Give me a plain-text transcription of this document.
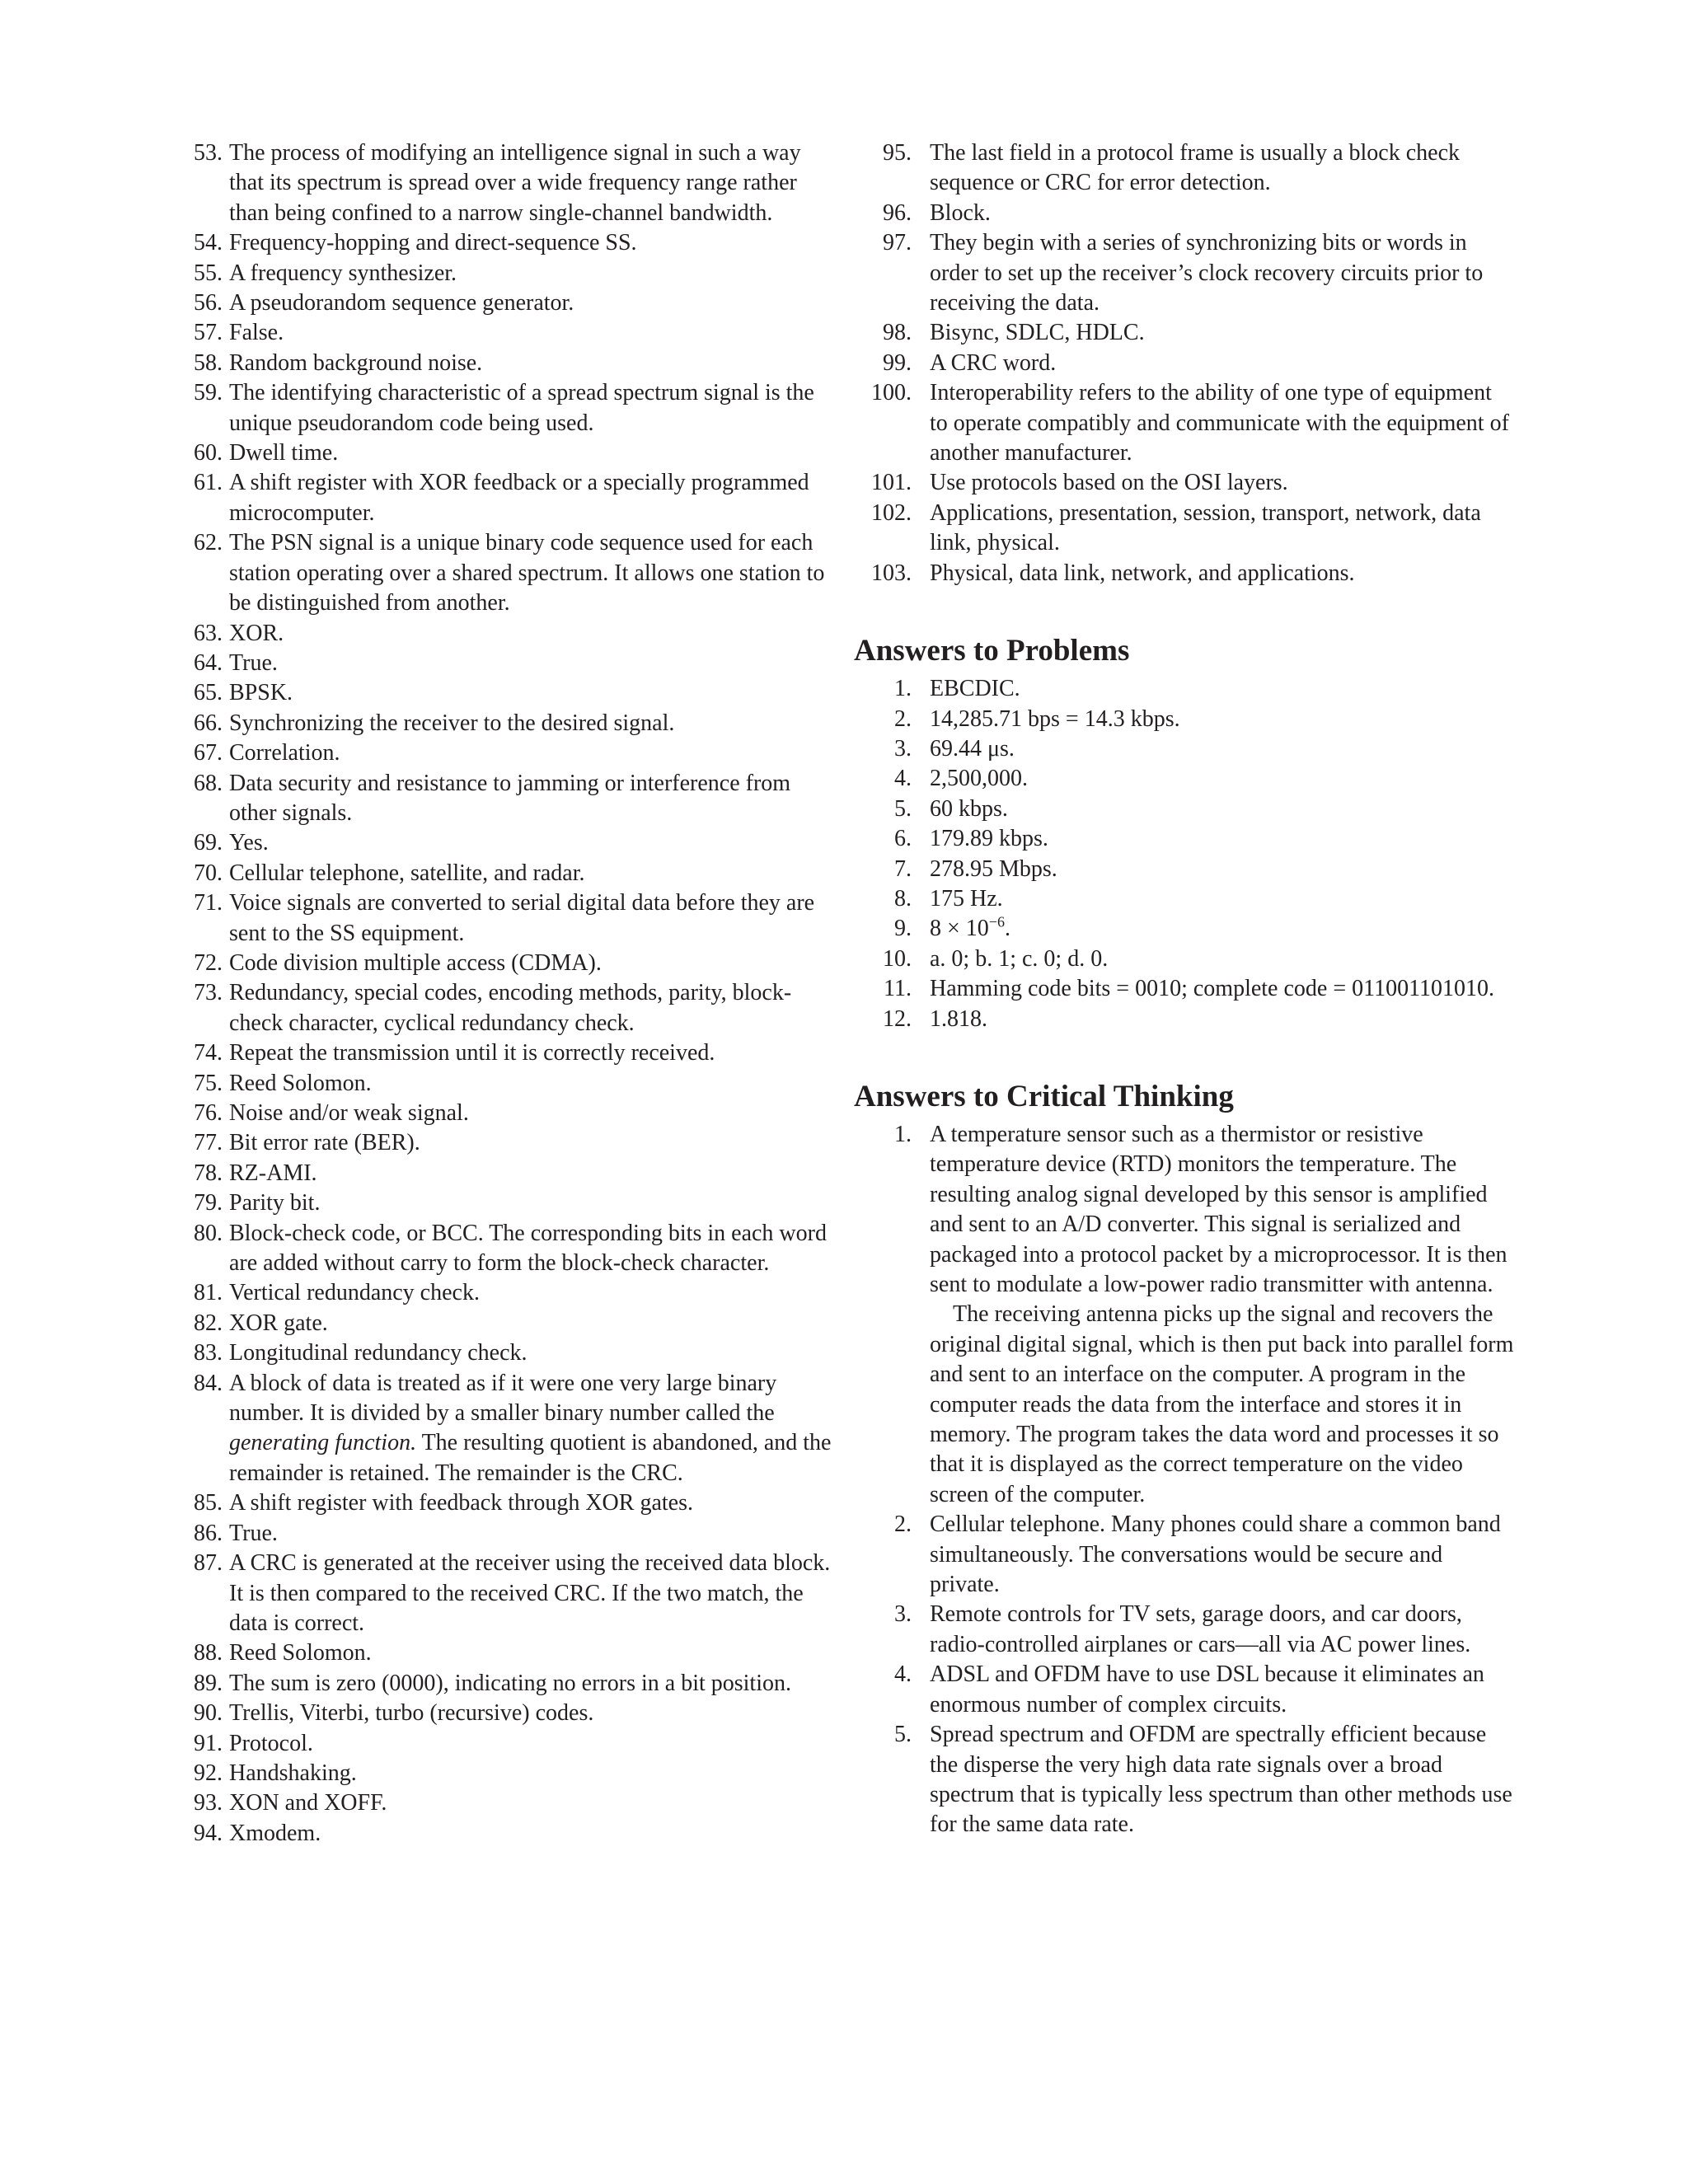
53. The process of modifying an intelligence signal in such a way that its spectrum is spread over a wide frequency range rather than being confined to a narrow single-channel bandwidth.
54. Frequency-hopping and direct-sequence SS.
55. A frequency synthesizer.
56. A pseudorandom sequence generator.
57. False.
58. Random background noise.
59. The identifying characteristic of a spread spectrum signal is the unique pseudorandom code being used.
60. Dwell time.
61. A shift register with XOR feedback or a specially programmed microcomputer.
62. The PSN signal is a unique binary code sequence used for each station operating over a shared spectrum. It allows one station to be distinguished from another.
63. XOR.
64. True.
65. BPSK.
66. Synchronizing the receiver to the desired signal.
67. Correlation.
68. Data security and resistance to jamming or interference from other signals.
69. Yes.
70. Cellular telephone, satellite, and radar.
71. Voice signals are converted to serial digital data before they are sent to the SS equipment.
72. Code division multiple access (CDMA).
73. Redundancy, special codes, encoding methods, parity, block-check character, cyclical redundancy check.
74. Repeat the transmission until it is correctly received.
75. Reed Solomon.
76. Noise and/or weak signal.
77. Bit error rate (BER).
78. RZ-AMI.
79. Parity bit.
80. Block-check code, or BCC. The corresponding bits in each word are added without carry to form the block-check character.
81. Vertical redundancy check.
82. XOR gate.
83. Longitudinal redundancy check.
84. A block of data is treated as if it were one very large binary number. It is divided by a smaller binary number called the generating function. The resulting quotient is abandoned, and the remainder is retained. The remainder is the CRC.
85. A shift register with feedback through XOR gates.
86. True.
87. A CRC is generated at the receiver using the received data block. It is then compared to the received CRC. If the two match, the data is correct.
88. Reed Solomon.
89. The sum is zero (0000), indicating no errors in a bit position.
90. Trellis, Viterbi, turbo (recursive) codes.
91. Protocol.
92. Handshaking.
93. XON and XOFF.
94. Xmodem.
95. The last field in a protocol frame is usually a block check sequence or CRC for error detection.
96. Block.
97. They begin with a series of synchronizing bits or words in order to set up the receiver’s clock recovery circuits prior to receiving the data.
98. Bisync, SDLC, HDLC.
99. A CRC word.
100. Interoperability refers to the ability of one type of equipment to operate compatibly and communicate with the equipment of another manufacturer.
101. Use protocols based on the OSI layers.
102. Applications, presentation, session, transport, network, data link, physical.
103. Physical, data link, network, and applications.
Answers to Problems
1. EBCDIC.
2. 14,285.71 bps = 14.3 kbps.
3. 69.44 μs.
4. 2,500,000.
5. 60 kbps.
6. 179.89 kbps.
7. 278.95 Mbps.
8. 175 Hz.
9. $8 \times 10^{-6}$.
10. a. 0; b. 1; c. 0; d. 0.
11. Hamming code bits = 0010; complete code = 011001101010.
12. 1.818.
Answers to Critical Thinking
1. A temperature sensor such as a thermistor or resistive temperature device (RTD) monitors the temperature. The resulting analog signal developed by this sensor is amplified and sent to an A/D converter. This signal is serialized and packaged into a protocol packet by a microprocessor. It is then sent to modulate a low-power radio transmitter with antenna.
The receiving antenna picks up the signal and recovers the original digital signal, which is then put back into parallel form and sent to an interface on the computer. A program in the computer reads the data from the interface and stores it in memory. The program takes the data word and processes it so that it is displayed as the correct temperature on the video screen of the computer.
2. Cellular telephone. Many phones could share a common band simultaneously. The conversations would be secure and private.
3. Remote controls for TV sets, garage doors, and car doors, radio-controlled airplanes or cars—all via AC power lines.
4. ADSL and OFDM have to use DSL because it eliminates an enormous number of complex circuits.
5. Spread spectrum and OFDM are spectrally efficient because the disperse the very high data rate signals over a broad spectrum that is typically less spectrum than other methods use for the same data rate.
